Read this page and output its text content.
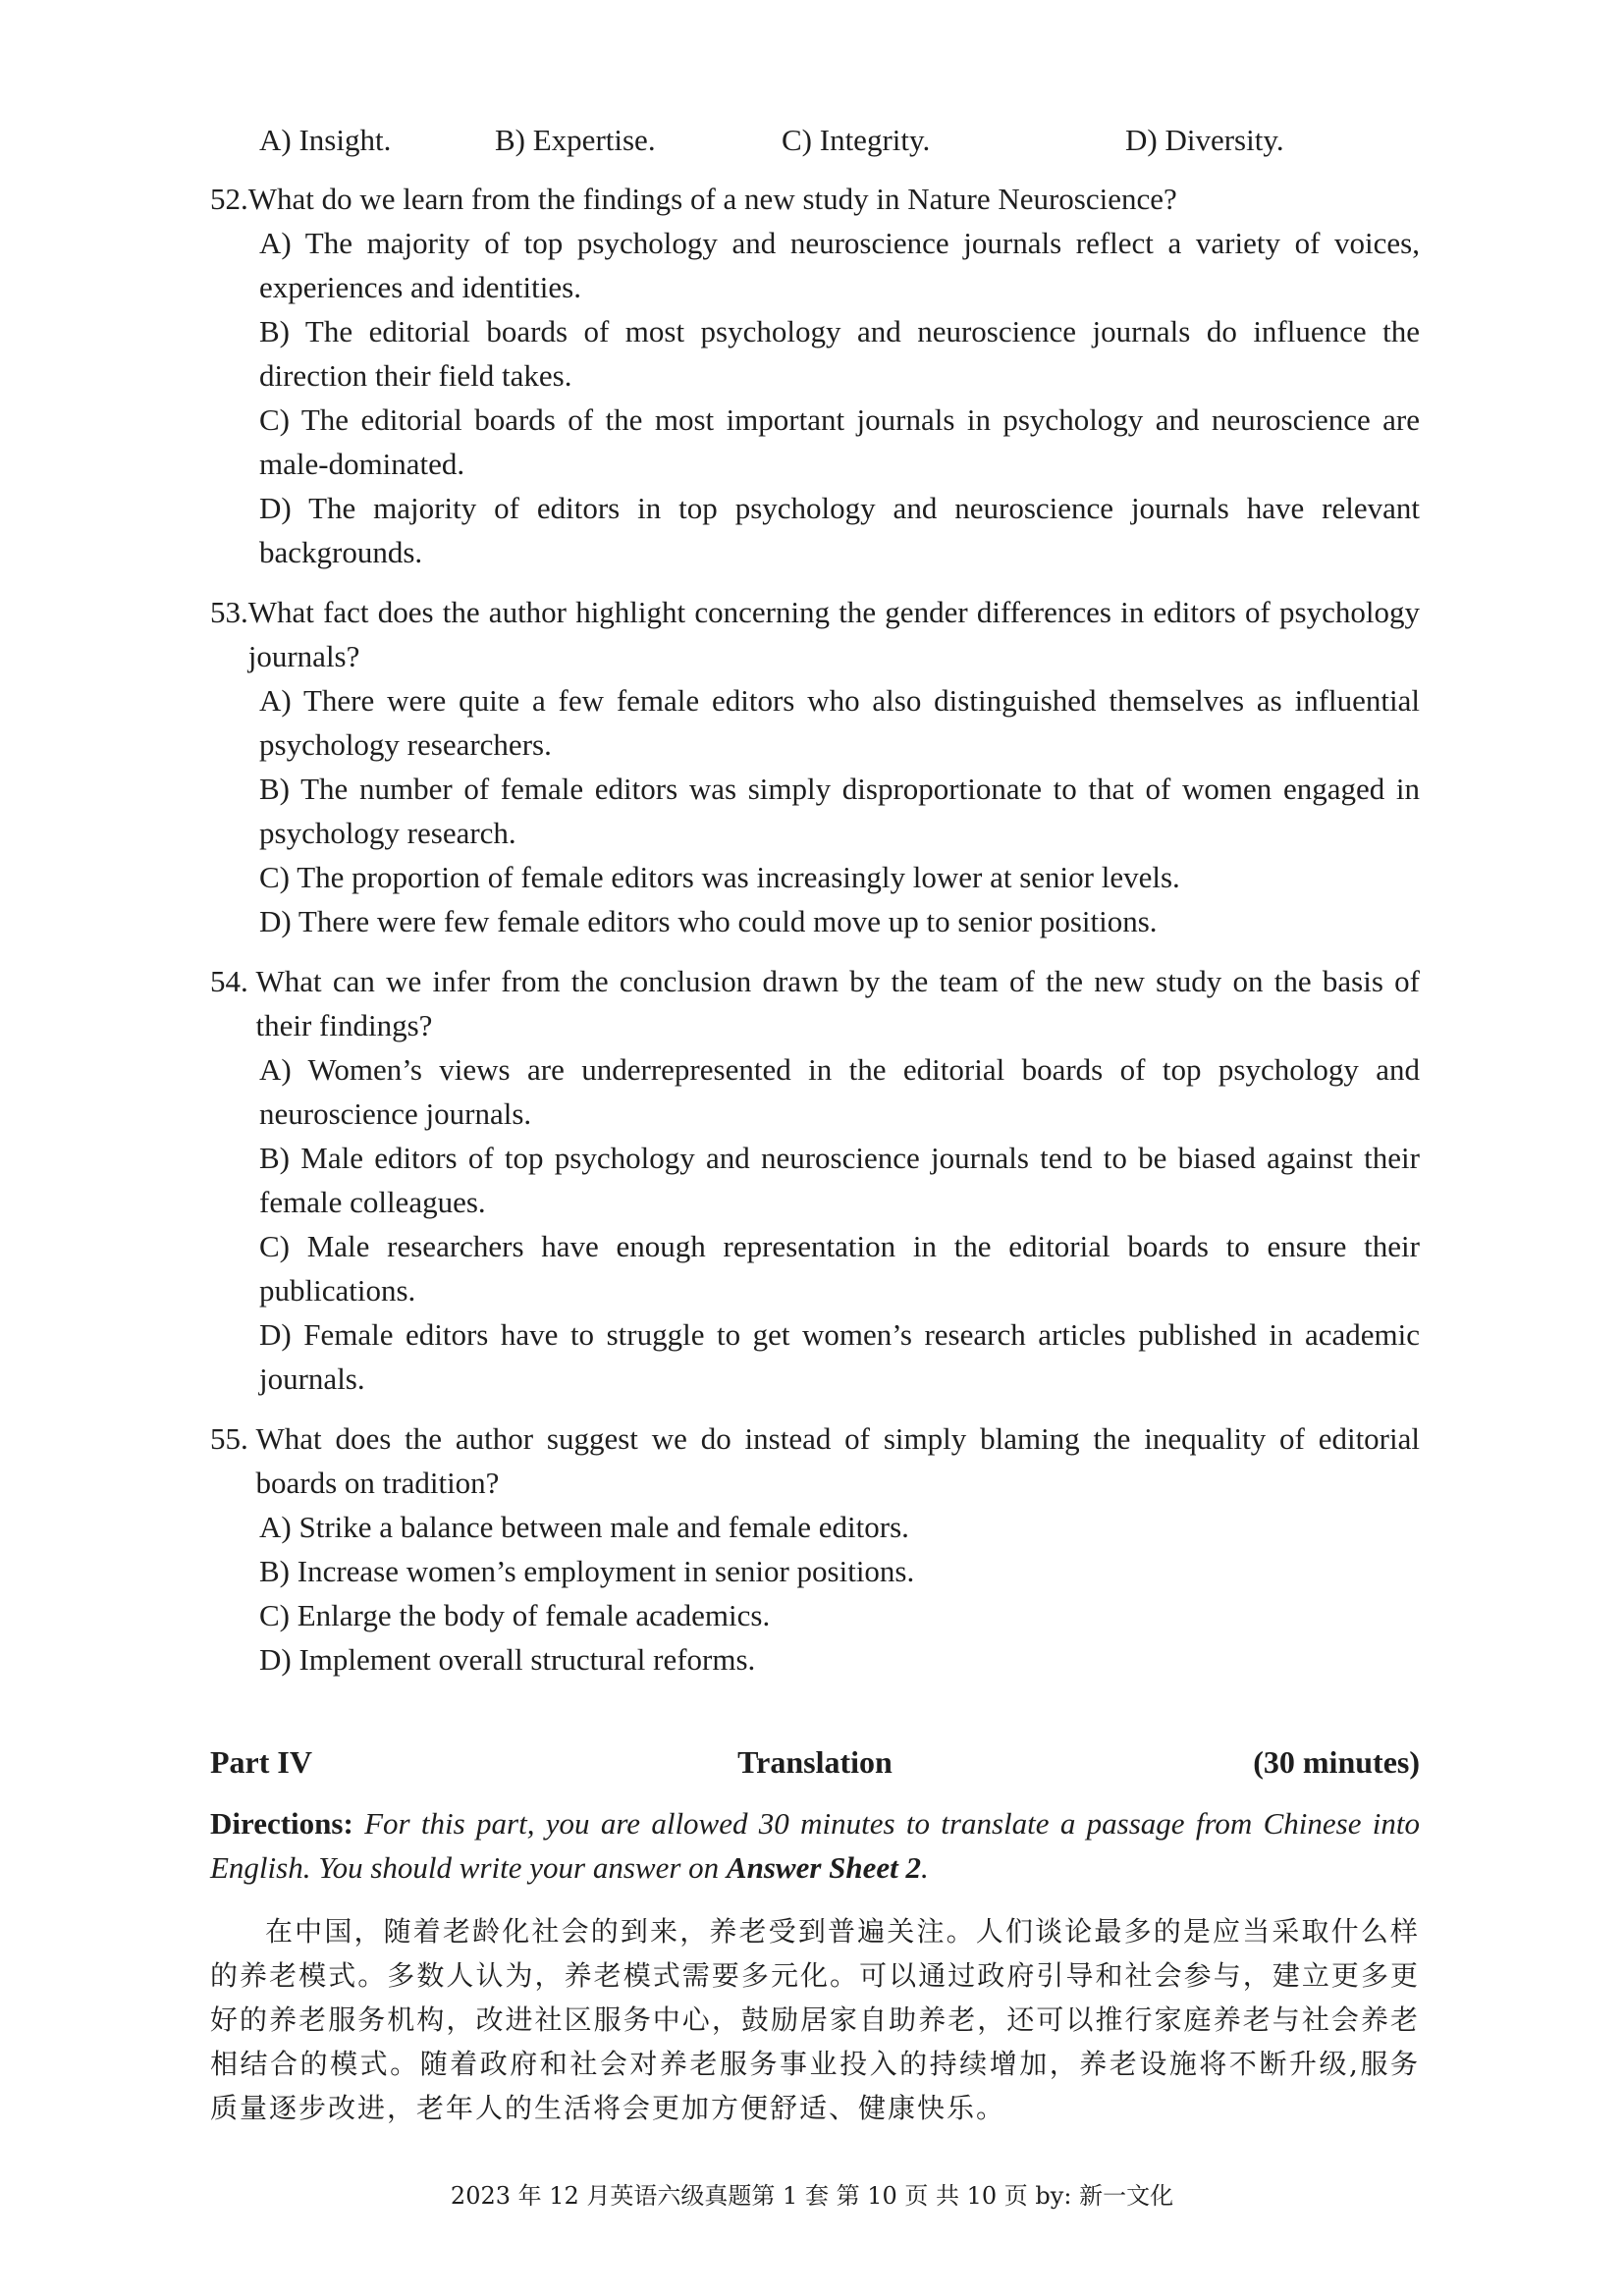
A) Insight.	B) Expertise.	C) Integrity.	D) Diversity.
52. What do we learn from the findings of a new study in Nature Neuroscience?
A) The majority of top psychology and neuroscience journals reflect a variety of voices, experiences and identities.
B) The editorial boards of most psychology and neuroscience journals do influence the direction their field takes.
C) The editorial boards of the most important journals in psychology and neuroscience are male-dominated.
D) The majority of editors in top psychology and neuroscience journals have relevant backgrounds.
53. What fact does the author highlight concerning the gender differences in editors of psychology journals?
A) There were quite a few female editors who also distinguished themselves as influential psychology researchers.
B) The number of female editors was simply disproportionate to that of women engaged in psychology research.
C) The proportion of female editors was increasingly lower at senior levels.
D) There were few female editors who could move up to senior positions.
54. What can we infer from the conclusion drawn by the team of the new study on the basis of their findings?
A) Women’s views are underrepresented in the editorial boards of top psychology and neuroscience journals.
B) Male editors of top psychology and neuroscience journals tend to be biased against their female colleagues.
C) Male researchers have enough representation in the editorial boards to ensure their publications.
D) Female editors have to struggle to get women’s research articles published in academic journals.
55. What does the author suggest we do instead of simply blaming the inequality of editorial boards on tradition?
A) Strike a balance between male and female editors.
B) Increase women’s employment in senior positions.
C) Enlarge the body of female academics.
D) Implement overall structural reforms.
Part IV	Translation	(30 minutes)
Directions: For this part, you are allowed 30 minutes to translate a passage from Chinese into English. You should write your answer on Answer Sheet 2.
在中国，随着老龄化社会的到来，养老受到普遍关注。人们谈论最多的是应当采取什么样的养老模式。多数人认为，养老模式需要多元化。可以通过政府引导和社会参与，建立更多更好的养老服务机构，改进社区服务中心，鼓励居家自助养老，还可以推行家庭养老与社会养老相结合的模式。随着政府和社会对养老服务事业投入的持续增加，养老设施将不断升级,服务质量逐步改进，老年人的生活将会更加方便舒适、健康快乐。
2023 年 12 月英语六级真题第 1 套 第 10 页 共 10 页 by: 新一文化
